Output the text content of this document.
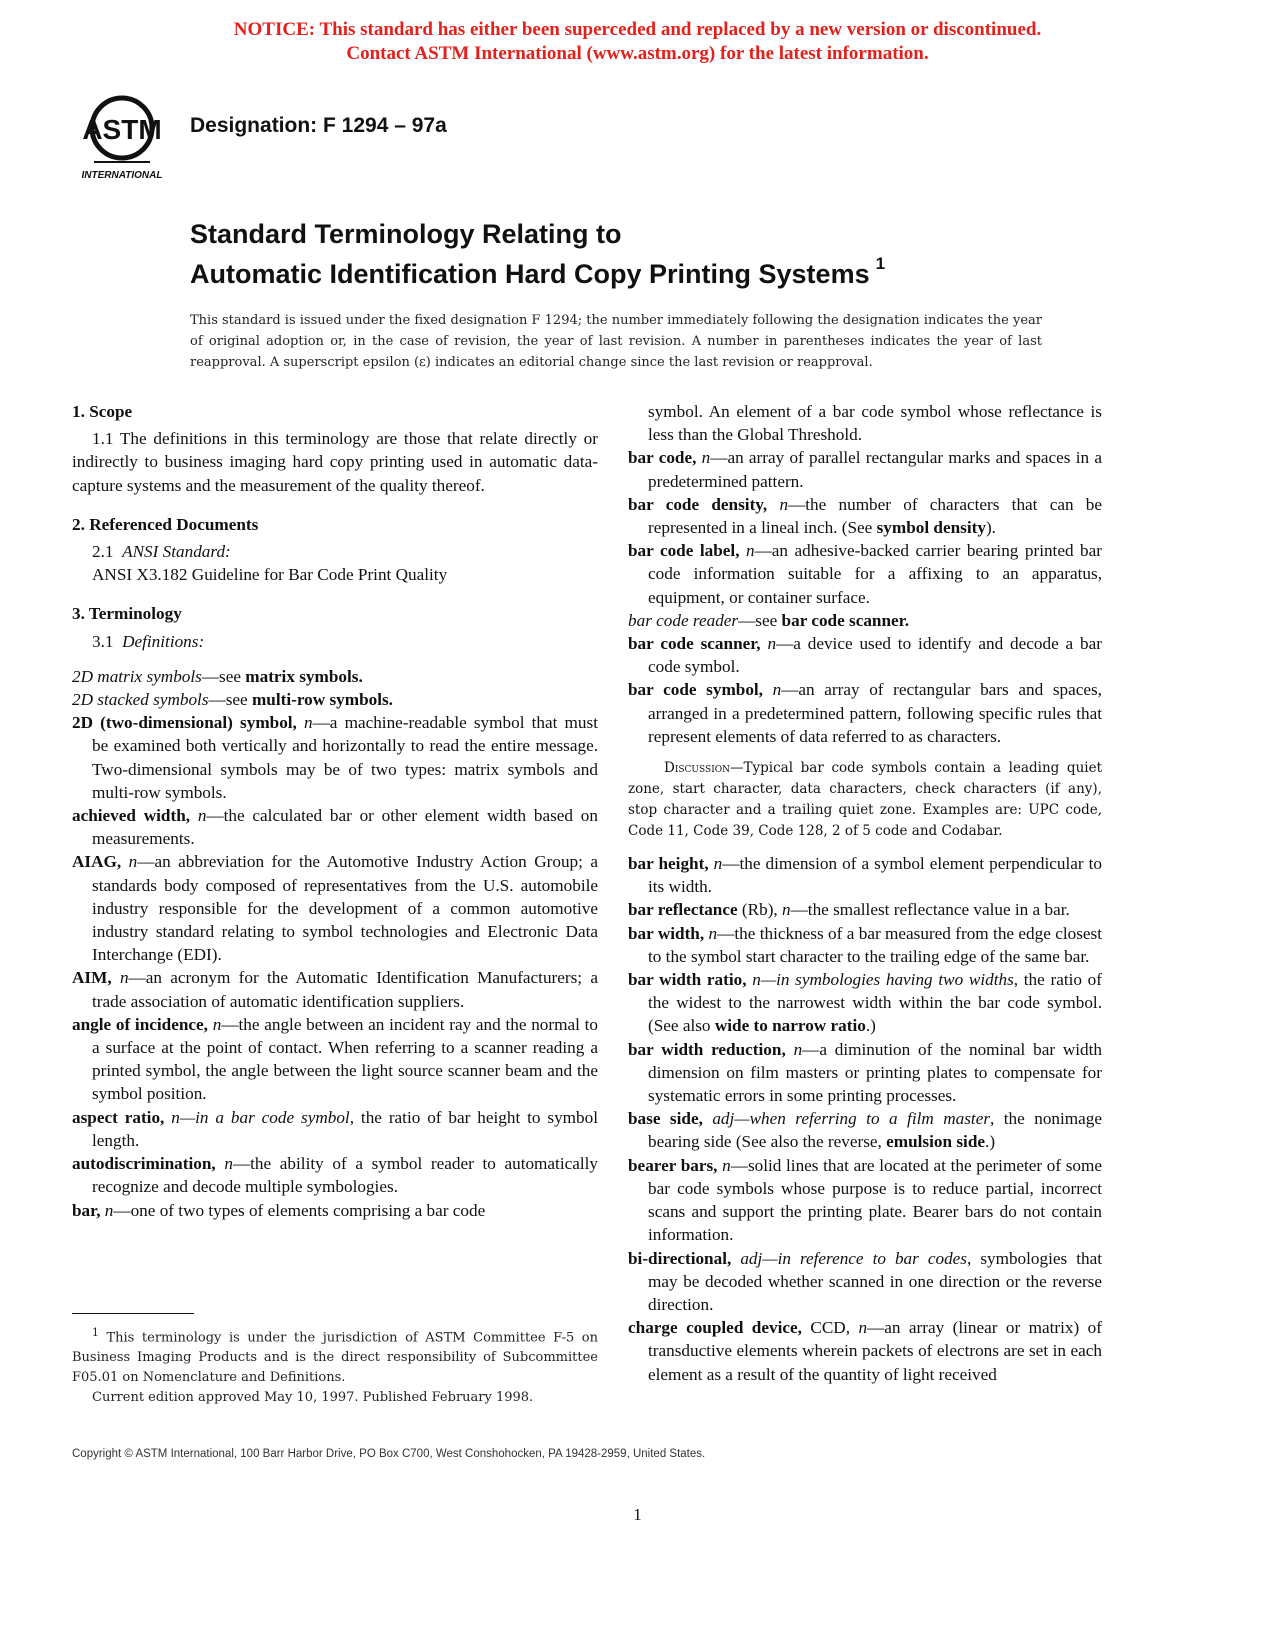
NOTICE: This standard has either been superceded and replaced by a new version or discontinued.
Contact ASTM International (www.astm.org) for the latest information.
ASTM
INTERNATIONAL
Designation: F 1294 – 97a
Standard Terminology Relating to
Automatic Identification Hard Copy Printing Systems $^1$
This standard is issued under the fixed designation F 1294; the number immediately following the designation indicates the year of original adoption or, in the case of revision, the year of last revision. A number in parentheses indicates the year of last reapproval. A superscript epsilon (ε) indicates an editorial change since the last revision or reapproval.
1. Scope

1.1 The definitions in this terminology are those that relate directly or indirectly to business imaging hard copy printing used in automatic data-capture systems and the measurement of the quality thereof.

2. Referenced Documents

2.1 ANSI Standard:

ANSI X3.182 Guideline for Bar Code Print Quality

3. Terminology

3.1 Definitions:

2D matrix symbols—see matrix symbols.

2D stacked symbols—see multi-row symbols.

2D (two-dimensional) symbol, n—a machine-readable symbol that must be examined both vertically and horizontally to read the entire message. Two-dimensional symbols may be of two types: matrix symbols and multi-row symbols.

achieved width, n—the calculated bar or other element width based on measurements.

AIAG, n—an abbreviation for the Automotive Industry Action Group; a standards body composed of representatives from the U.S. automobile industry responsible for the development of a common automotive industry standard relating to symbol technologies and Electronic Data Interchange (EDI).

AIM, n—an acronym for the Automatic Identification Manufacturers; a trade association of automatic identification suppliers.

angle of incidence, n—the angle between an incident ray and the normal to a surface at the point of contact. When referring to a scanner reading a printed symbol, the angle between the light source scanner beam and the symbol position.

aspect ratio, n—in a bar code symbol, the ratio of bar height to symbol length.

autodiscrimination, n—the ability of a symbol reader to automatically recognize and decode multiple symbologies.

bar, n—one of two types of elements comprising a bar code

$^1$ This terminology is under the jurisdiction of ASTM Committee F-5 on Business Imaging Products and is the direct responsibility of Subcommittee F05.01 on Nomenclature and Definitions.

Current edition approved May 10, 1997. Published February 1998.

symbol. An element of a bar code symbol whose reflectance is less than the Global Threshold.

bar code, n—an array of parallel rectangular marks and spaces in a predetermined pattern.

bar code density, n—the number of characters that can be represented in a lineal inch. (See symbol density).

bar code label, n—an adhesive-backed carrier bearing printed bar code information suitable for a affixing to an apparatus, equipment, or container surface.

bar code reader—see bar code scanner.

bar code scanner, n—a device used to identify and decode a bar code symbol.

bar code symbol, n—an array of rectangular bars and spaces, arranged in a predetermined pattern, following specific rules that represent elements of data referred to as characters.

Discussion—Typical bar code symbols contain a leading quiet zone, start character, data characters, check characters (if any), stop character and a trailing quiet zone. Examples are: UPC code, Code 11, Code 39, Code 128, 2 of 5 code and Codabar.

bar height, n—the dimension of a symbol element perpendicular to its width.

bar reflectance (Rb), n—the smallest reflectance value in a bar.

bar width, n—the thickness of a bar measured from the edge closest to the symbol start character to the trailing edge of the same bar.

bar width ratio, n—in symbologies having two widths, the ratio of the widest to the narrowest width within the bar code symbol. (See also wide to narrow ratio.)

bar width reduction, n—a diminution of the nominal bar width dimension on film masters or printing plates to compensate for systematic errors in some printing processes.

base side, adj—when referring to a film master, the nonimage bearing side (See also the reverse, emulsion side.)

bearer bars, n—solid lines that are located at the perimeter of some bar code symbols whose purpose is to reduce partial, incorrect scans and support the printing plate. Bearer bars do not contain information.

bi-directional, adj—in reference to bar codes, symbologies that may be decoded whether scanned in one direction or the reverse direction.

charge coupled device, CCD, n—an array (linear or matrix) of transductive elements wherein packets of electrons are set in each element as a result of the quantity of light received

Copyright © ASTM International, 100 Barr Harbor Drive, PO Box C700, West Conshohocken, PA 19428-2959, United States.
1
